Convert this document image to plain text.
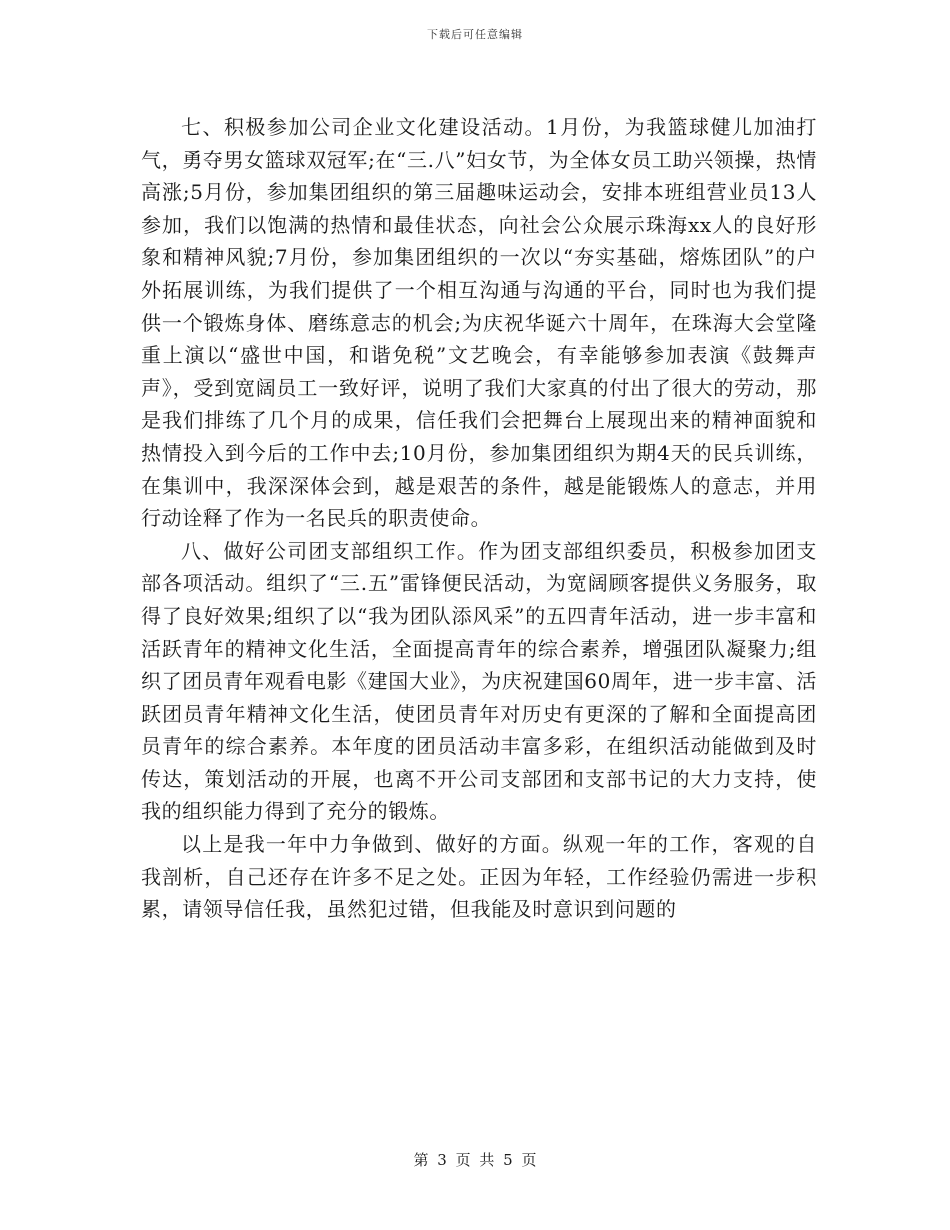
下载后可任意编辑

七、积极参加公司企业文化建设活动。1月份，为我篮球健儿加油打气，勇夺男女篮球双冠军;在“三.八”妇女节，为全体女员工助兴领操，热情高涨;5月份，参加集团组织的第三届趣味运动会，安排本班组营业员13人参加，我们以饱满的热情和最佳状态，向社会公众展示珠海xx人的良好形象和精神风貌;7月份，参加集团组织的一次以“夯实基础，熔炼团队”的户外拓展训练，为我们提供了一个相互沟通与沟通的平台，同时也为我们提供一个锻炼身体、磨练意志的机会;为庆祝华诞六十周年，在珠海大会堂隆重上演以“盛世中国，和谐免税”文艺晚会，有幸能够参加表演《鼓舞声声》，受到宽阔员工一致好评，说明了我们大家真的付出了很大的劳动，那是我们排练了几个月的成果，信任我们会把舞台上展现出来的精神面貌和热情投入到今后的工作中去;10月份，参加集团组织为期4天的民兵训练，在集训中，我深深体会到，越是艰苦的条件，越是能锻炼人的意志，并用行动诠释了作为一名民兵的职责使命。

八、做好公司团支部组织工作。作为团支部组织委员，积极参加团支部各项活动。组织了“三.五”雷锋便民活动，为宽阔顾客提供义务服务，取得了良好效果;组织了以“我为团队添风采”的五四青年活动，进一步丰富和活跃青年的精神文化生活，全面提高青年的综合素养，增强团队凝聚力;组织了团员青年观看电影《建国大业》，为庆祝建国60周年，进一步丰富、活跃团员青年精神文化生活，使团员青年对历史有更深的了解和全面提高团员青年的综合素养。本年度的团员活动丰富多彩，在组织活动能做到及时传达，策划活动的开展，也离不开公司支部团和支部书记的大力支持，使我的组织能力得到了充分的锻炼。

以上是我一年中力争做到、做好的方面。纵观一年的工作，客观的自我剖析，自己还存在许多不足之处。正因为年轻，工作经验仍需进一步积累，请领导信任我，虽然犯过错，但我能及时意识到问题的

第 3 页 共 5 页
